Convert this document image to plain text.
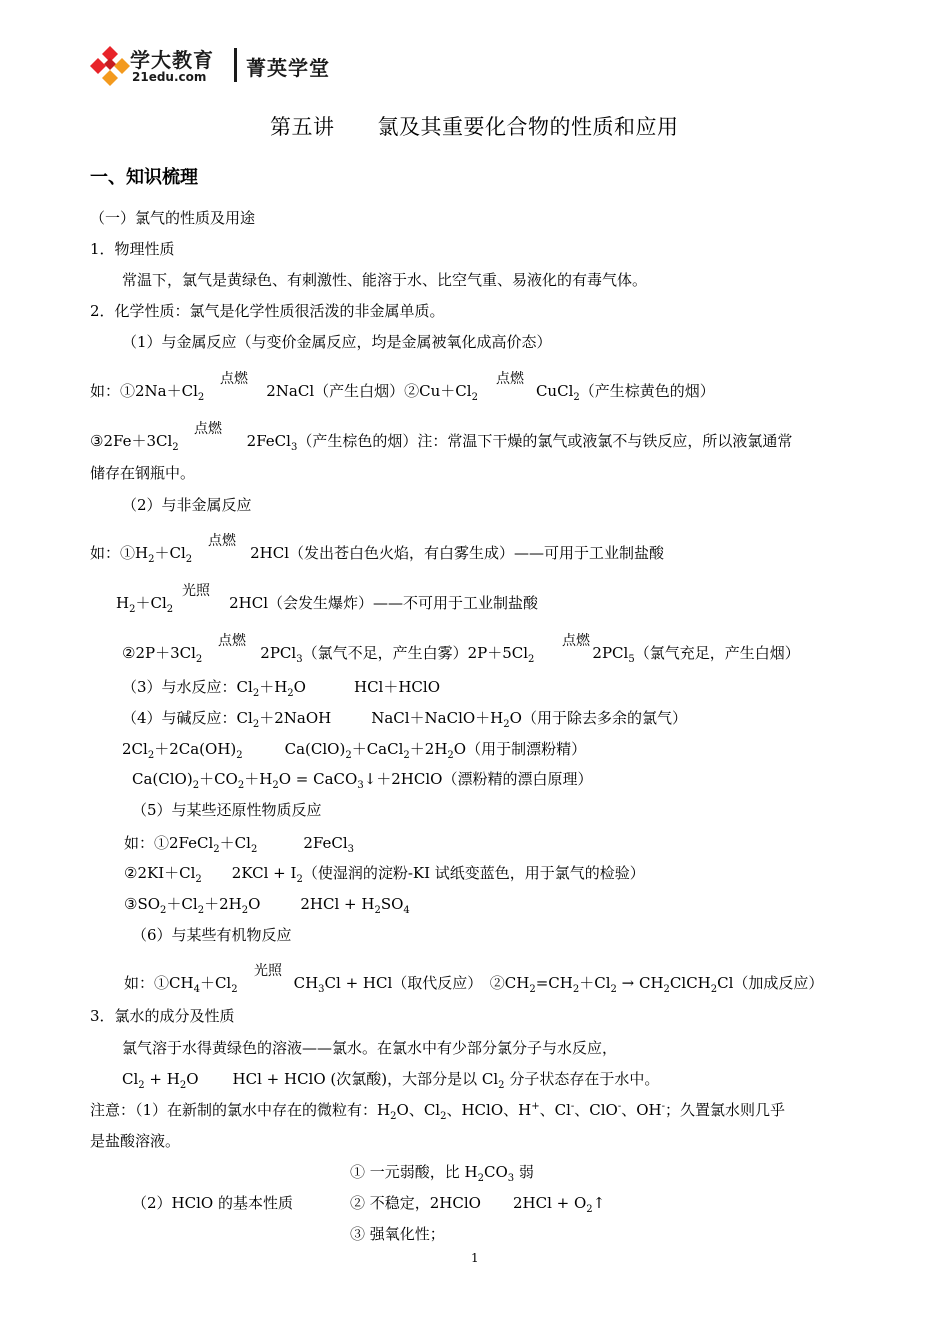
学大教育
21edu.com 菁英学堂
第五讲　　氯及其重要化合物的性质和应用
一、知识梳理
（一）氯气的性质及用途
1．物理性质
常温下，氯气是黄绿色、有刺激性、能溶于水、比空气重、易液化的有毒气体。
2．化学性质：氯气是化学性质很活泼的非金属单质。
（1）与金属反应（与变价金属反应，均是金属被氧化成高价态）
如：$①2Na+Cl_2$	2NaCl（产生白烟）$②Cu+Cl_2$	CuCl$_2$（产生棕黄色的烟）
点燃	点燃
$③2Fe+3Cl_2$	2FeCl$_3$（产生棕色的烟）注：常温下干燥的氯气或液氯不与铁反应，所以液氯通常
点燃
储存在钢瓶中。
（2）与非金属反应
如：$①H_2+Cl_2$	2HCl（发出苍白色火焰，有白雾生成）——可用于工业制盐酸
点燃
$H_2+Cl_2$	2HCl（会发生爆炸）——不可用于工业制盐酸
光照
$②2P+3Cl_2$	2PCl$_3$（氯气不足，产生白雾）$2P+5Cl_2$	2PCl$_5$（氯气充足，产生白烟）
点燃	点燃
（3）与水反应：$Cl_2+H_2O$	HCl＋HClO
（4）与碱反应：$Cl_2+2NaOH$	$NaCl+NaClO+H_2O$（用于除去多余的氯气）
$2Cl_2+2Ca(OH)_2$	$Ca(ClO)_2+CaCl_2+2H_2O$（用于制漂粉精）
$Ca(ClO)_2+CO_2+H_2O$ = CaCO$_3$↓＋2HClO（漂粉精的漂白原理）
（5）与某些还原性物质反应
如：$①2FeCl_2+Cl_2$	2FeCl$_3$
$②2KI+Cl_2$ $2KCl + I_2$（使湿润的淀粉-KI 试纸变蓝色，用于氯气的检验）
$③SO_2+Cl_2+2H_2O$	$2HCl + H_2SO_4$
（6）与某些有机物反应
如：$①CH_4+Cl_2$	$CH_3Cl + HCl$（取代反应）　$②CH_2=CH_2+Cl_2$ → $CH_2ClCH_2Cl$（加成反应）
光照
3．氯水的成分及性质
氯气溶于水得黄绿色的溶液——氯水。在氯水中有少部分氯分子与水反应，
$Cl_2 + H_2O$ HCl + HClO (次氯酸)，大部分是以 $Cl_2$ 分子状态存在于水中。
注意：（1）在新制的氯水中存在的微粒有：$H_2O$、$Cl_2$、HClO、H+、Cl-、ClO-、OH-；久置氯水则几乎
是盐酸溶液。
① 一元弱酸，比 $H_2CO_3$ 弱
（2）HClO 的基本性质	② 不稳定，2HClO $2HCl + O_2↑$
③ 强氧化性；
1
